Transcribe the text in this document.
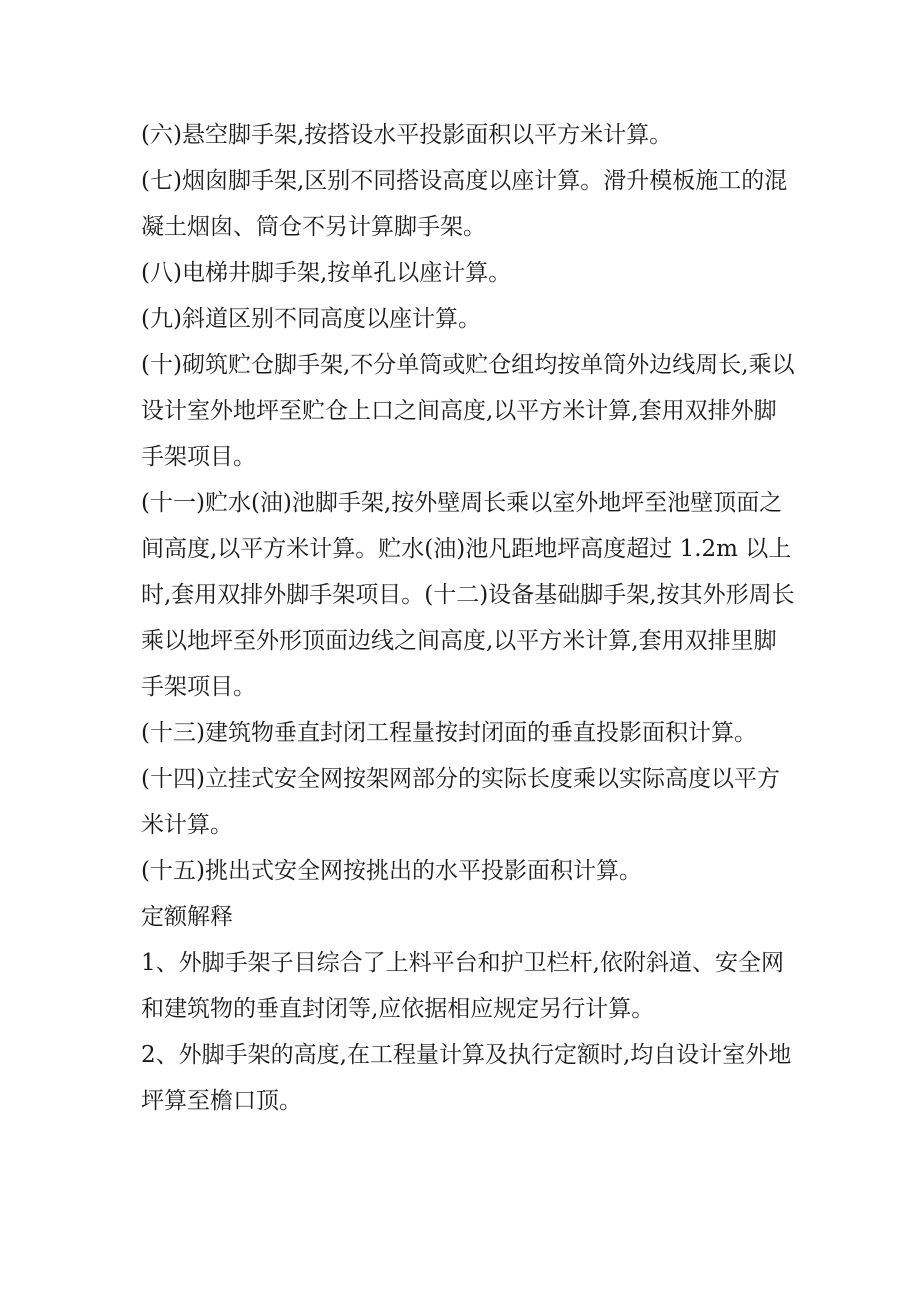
(六)悬空脚手架,按搭设水平投影面积以平方米计算。

(七)烟囱脚手架,区别不同搭设高度以座计算。滑升模板施工的混凝土烟囱、筒仓不另计算脚手架。

(八)电梯井脚手架,按单孔以座计算。

(九)斜道区别不同高度以座计算。

(十)砌筑贮仓脚手架,不分单筒或贮仓组均按单筒外边线周长,乘以设计室外地坪至贮仓上口之间高度,以平方米计算,套用双排外脚手架项目。

(十一)贮水(油)池脚手架,按外壁周长乘以室外地坪至池壁顶面之间高度,以平方米计算。贮水(油)池凡距地坪高度超过 1.2m 以上时,套用双排外脚手架项目。(十二)设备基础脚手架,按其外形周长乘以地坪至外形顶面边线之间高度,以平方米计算,套用双排里脚手架项目。

(十三)建筑物垂直封闭工程量按封闭面的垂直投影面积计算。

(十四)立挂式安全网按架网部分的实际长度乘以实际高度以平方米计算。

(十五)挑出式安全网按挑出的水平投影面积计算。

定额解释

1、外脚手架子目综合了上料平台和护卫栏杆,依附斜道、安全网和建筑物的垂直封闭等,应依据相应规定另行计算。

2、外脚手架的高度,在工程量计算及执行定额时,均自设计室外地坪算至檐口顶。
